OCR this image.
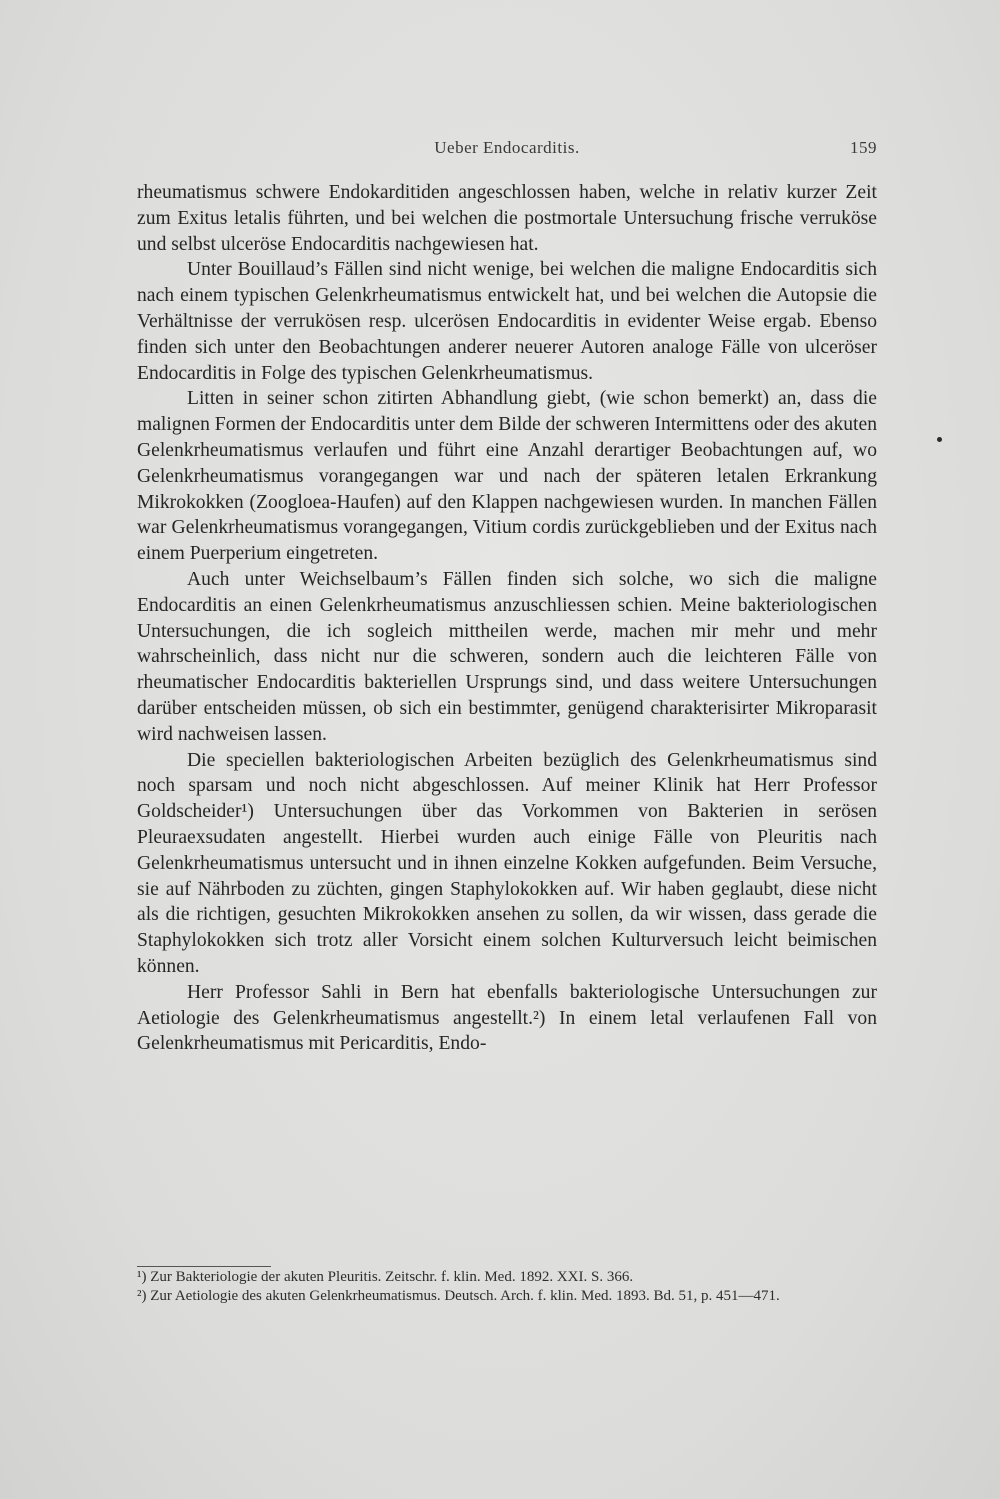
Ueber Endocarditis.	159

rheumatismus schwere Endokarditiden angeschlossen haben, welche in relativ kurzer Zeit zum Exitus letalis führten, und bei welchen die postmortale Untersuchung frische verruköse und selbst ulceröse Endocarditis nachgewiesen hat.

Unter Bouillaud’s Fällen sind nicht wenige, bei welchen die maligne Endocarditis sich nach einem typischen Gelenkrheumatismus entwickelt hat, und bei welchen die Autopsie die Verhältnisse der verrukösen resp. ulcerösen Endocarditis in evidenter Weise ergab. Ebenso finden sich unter den Beobachtungen anderer neuerer Autoren analoge Fälle von ulceröser Endocarditis in Folge des typischen Gelenkrheumatismus.

Litten in seiner schon zitirten Abhandlung giebt, (wie schon bemerkt) an, dass die malignen Formen der Endocarditis unter dem Bilde der schweren Intermittens oder des akuten Gelenkrheumatismus verlaufen und führt eine Anzahl derartiger Beobachtungen auf, wo Gelenkrheumatismus vorangegangen war und nach der späteren letalen Erkrankung Mikrokokken (Zoogloea-Haufen) auf den Klappen nachgewiesen wurden. In manchen Fällen war Gelenkrheumatismus vorangegangen, Vitium cordis zurückgeblieben und der Exitus nach einem Puerperium eingetreten.

Auch unter Weichselbaum’s Fällen finden sich solche, wo sich die maligne Endocarditis an einen Gelenkrheumatismus anzuschliessen schien. Meine bakteriologischen Untersuchungen, die ich sogleich mittheilen werde, machen mir mehr und mehr wahrscheinlich, dass nicht nur die schweren, sondern auch die leichteren Fälle von rheumatischer Endocarditis bakteriellen Ursprungs sind, und dass weitere Untersuchungen darüber entscheiden müssen, ob sich ein bestimmter, genügend charakterisirter Mikroparasit wird nachweisen lassen.

Die speciellen bakteriologischen Arbeiten bezüglich des Gelenkrheumatismus sind noch sparsam und noch nicht abgeschlossen. Auf meiner Klinik hat Herr Professor Goldscheider¹) Untersuchungen über das Vorkommen von Bakterien in serösen Pleuraexsudaten angestellt. Hierbei wurden auch einige Fälle von Pleuritis nach Gelenkrheumatismus untersucht und in ihnen einzelne Kokken aufgefunden. Beim Versuche, sie auf Nährboden zu züchten, gingen Staphylokokken auf. Wir haben geglaubt, diese nicht als die richtigen, gesuchten Mikrokokken ansehen zu sollen, da wir wissen, dass gerade die Staphylokokken sich trotz aller Vorsicht einem solchen Kulturversuch leicht beimischen können.

Herr Professor Sahli in Bern hat ebenfalls bakteriologische Untersuchungen zur Aetiologie des Gelenkrheumatismus angestellt.²) In einem letal verlaufenen Fall von Gelenkrheumatismus mit Pericarditis, Endo-

¹) Zur Bakteriologie der akuten Pleuritis. Zeitschr. f. klin. Med. 1892. XXI. S. 366.

²) Zur Aetiologie des akuten Gelenkrheumatismus. Deutsch. Arch. f. klin. Med. 1893. Bd. 51, p. 451—471.
